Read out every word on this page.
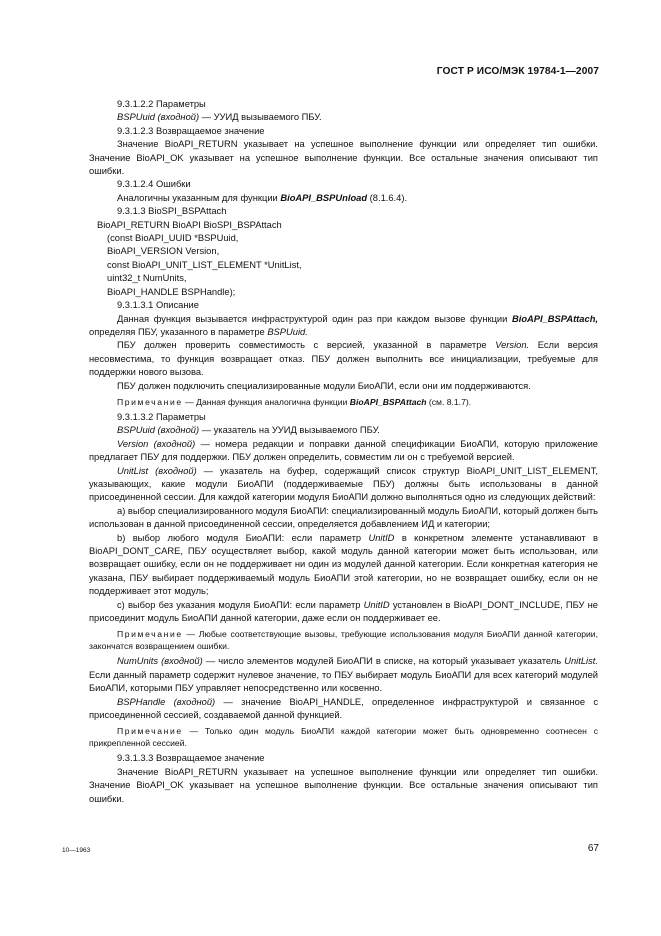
ГОСТ Р ИСО/МЭК 19784-1—2007

9.3.1.2.2 Параметры

BSPUuid (входной) — УУИД вызываемого ПБУ.

9.3.1.2.3 Возвращаемое значение

Значение BioAPI_RETURN указывает на успешное выполнение функции или определяет тип ошибки. Значение BioAPI_OK указывает на успешное выполнение функции. Все остальные значения описывают тип ошибки.

9.3.1.2.4 Ошибки

Аналогичны указанным для функции BioAPI_BSPUnload (8.1.6.4).

9.3.1.3 BioSPI_BSPAttach

BioAPI_RETURN BioAPI BioSPI_BSPAttach

(const BioAPI_UUID *BSPUuid,

BioAPI_VERSION Version,

const BioAPI_UNIT_LIST_ELEMENT *UnitList,

uint32_t NumUnits,

BioAPI_HANDLE BSPHandle);

9.3.1.3.1 Описание

Данная функция вызывается инфраструктурой один раз при каждом вызове функции BioAPI_BSPAttach, определяя ПБУ, указанного в параметре BSPUuid.

ПБУ должен проверить совместимость с версией, указанной в параметре Version. Если версия несовместима, то функция возвращает отказ. ПБУ должен выполнить все инициализации, требуемые для поддержки нового вызова.

ПБУ должен подключить специализированные модули БиоАПИ, если они им поддерживаются.

Примечание — Данная функция аналогична функции BioAPI_BSPAttach (см. 8.1.7).

9.3.1.3.2 Параметры

BSPUuid (входной) — указатель на УУИД вызываемого ПБУ.

Version (входной) — номера редакции и поправки данной спецификации БиоАПИ, которую приложение предлагает ПБУ для поддержки. ПБУ должен определить, совместим ли он с требуемой версией.

UnitList (входной) — указатель на буфер, содержащий список структур BioAPI_UNIT_LIST_ELEMENT, указывающих, какие модули БиоАПИ (поддерживаемые ПБУ) должны быть использованы в данной присоединенной сессии. Для каждой категории модуля БиоАПИ должно выполняться одно из следующих действий:

а) выбор специализированного модуля БиоАПИ: специализированный модуль БиоАПИ, который должен быть использован в данной присоединенной сессии, определяется добавлением ИД и категории;

b) выбор любого модуля БиоАПИ: если параметр UnitID в конкретном элементе устанавливают в BioAPI_DONT_CARE, ПБУ осуществляет выбор, какой модуль данной категории может быть использован, или возвращает ошибку, если он не поддерживает ни один из модулей данной категории. Если конкретная категория не указана, ПБУ выбирает поддерживаемый модуль БиоАПИ этой категории, но не возвращает ошибку, если он не поддерживает этот модуль;

c) выбор без указания модуля БиоАПИ: если параметр UnitID установлен в BioAPI_DONT_INCLUDE, ПБУ не присоединит модуль БиоАПИ данной категории, даже если он поддерживает ее.

Примечание — Любые соответствующие вызовы, требующие использования модуля БиоАПИ данной категории, закончатся возвращением ошибки.

NumUnits (входной) — число элементов модулей БиоАПИ в списке, на который указывает указатель UnitList. Если данный параметр содержит нулевое значение, то ПБУ выбирает модуль БиоАПИ для всех категорий модулей БиоАПИ, которыми ПБУ управляет непосредственно или косвенно.

BSPHandle (входной) — значение BioAPI_HANDLE, определенное инфраструктурой и связанное с присоединенной сессией, создаваемой данной функцией.

Примечание — Только один модуль БиоАПИ каждой категории может быть одновременно соотнесен с прикрепленной сессией.

9.3.1.3.3 Возвращаемое значение

Значение BioAPI_RETURN указывает на успешное выполнение функции или определяет тип ошибки. Значение BioAPI_OK указывает на успешное выполнение функции. Все остальные значения описывают тип ошибки.

10—1963	67
